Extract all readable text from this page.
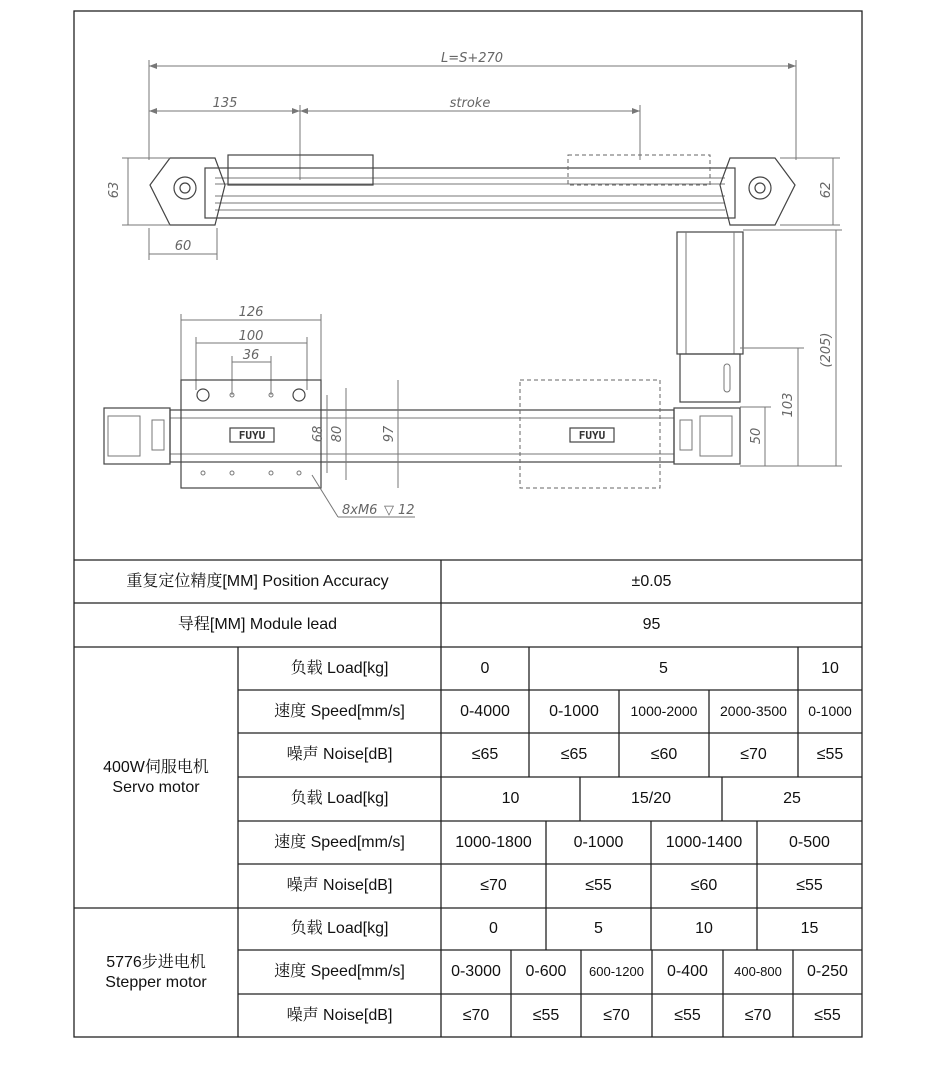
L=S+270
135	stroke
63	62
60
(205)
103
50
126
100
36
FUYU	FUYU
68 80	97
8xM6 ▽ 12
重复定位精度[MM] Position Accuracy	±0.05
导程[MM] Module lead	95
400W伺服电机
Servo motor
负载 Load[kg]	0	5	10
速度 Speed[mm/s]	0-4000	0-1000	1000-2000	2000-3500	0-1000
噪声 Noise[dB]	≤65	≤65	≤60	≤70	≤55
负载 Load[kg]	10	15/20	25
速度 Speed[mm/s]	1000-1800	0-1000	1000-1400	0-500
噪声 Noise[dB]	≤70	≤55	≤60	≤55
5776步进电机
Stepper motor
负载 Load[kg]	0	5	10	15
速度 Speed[mm/s]	0-3000	0-600	600-1200	0-400	400-800	0-250
噪声 Noise[dB]	≤70	≤55	≤70	≤55	≤70	≤55
